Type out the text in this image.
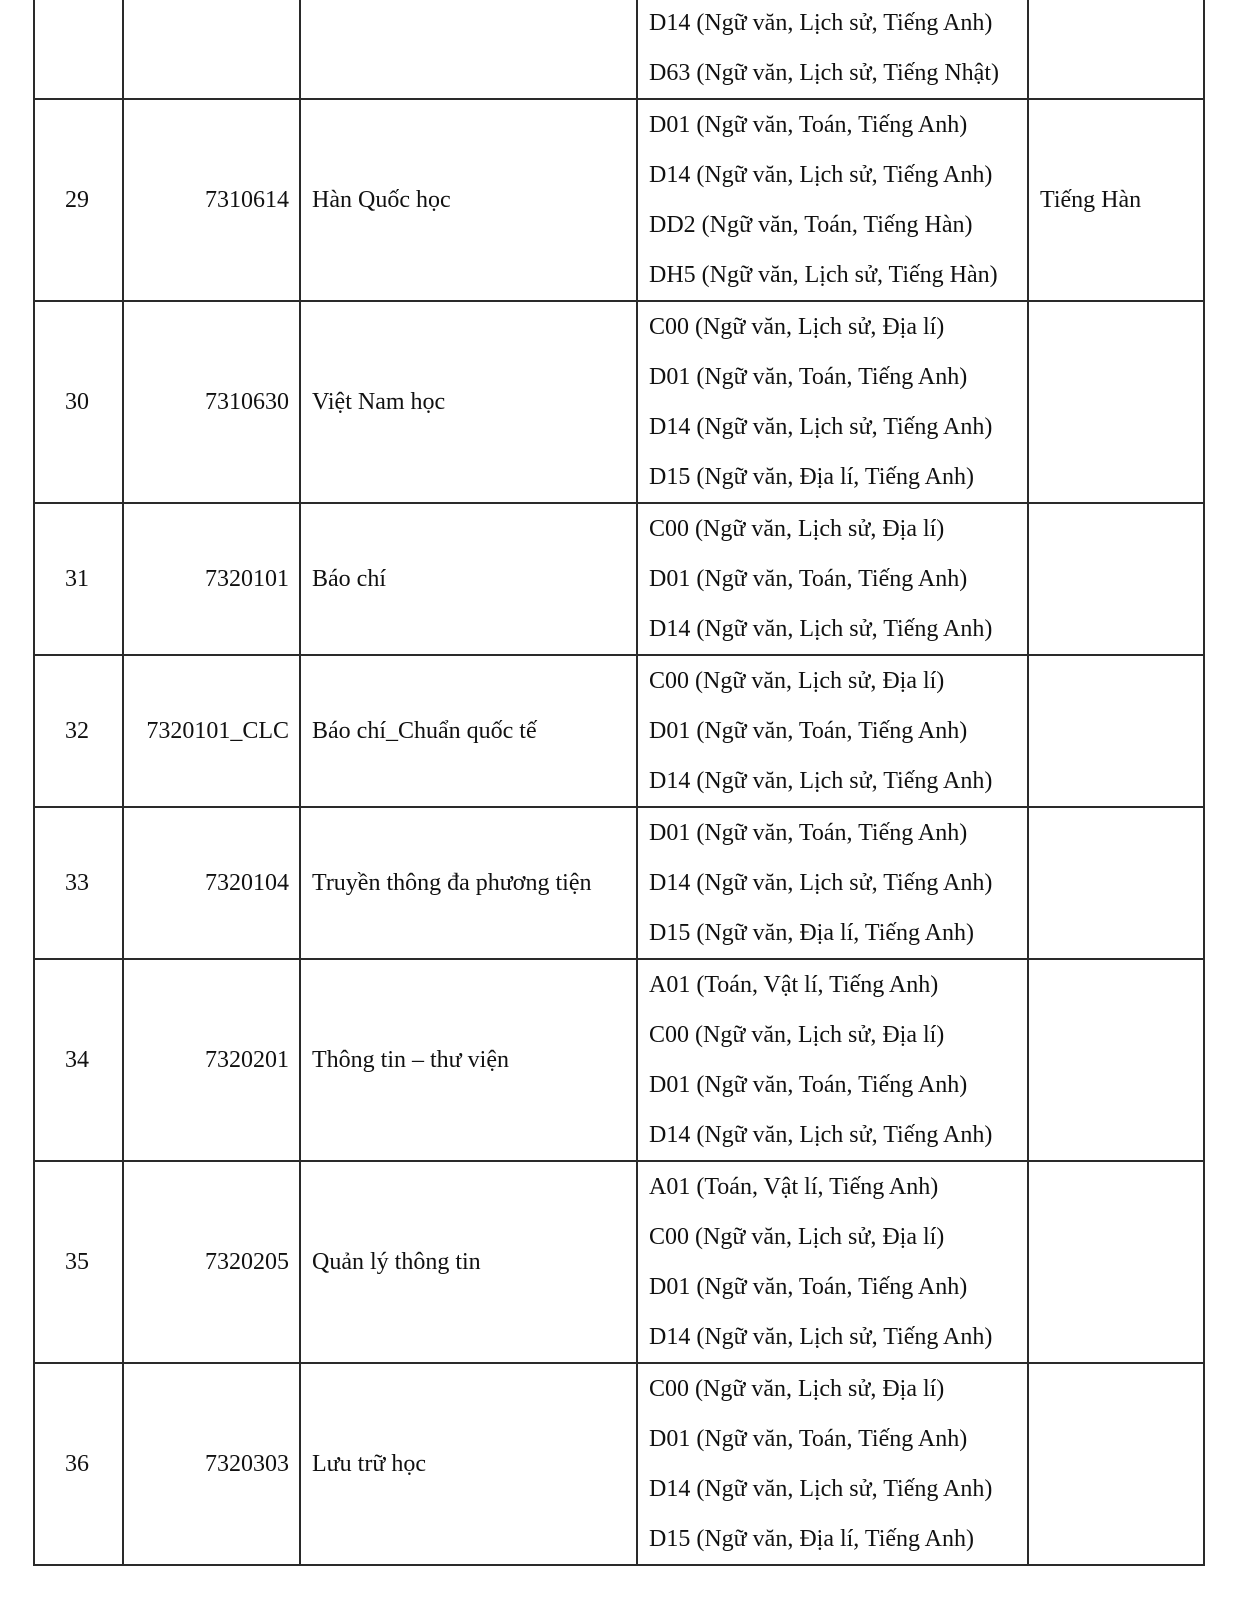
			D14 (Ngữ văn, Lịch sử, Tiếng Anh)
D63 (Ngữ văn, Lịch sử, Tiếng Nhật)	

29	7310614	Hàn Quốc học	D01 (Ngữ văn, Toán, Tiếng Anh)
D14 (Ngữ văn, Lịch sử, Tiếng Anh)
DD2 (Ngữ văn, Toán, Tiếng Hàn)
DH5 (Ngữ văn, Lịch sử, Tiếng Hàn)	Tiếng Hàn
30	7310630	Việt Nam học	C00 (Ngữ văn, Lịch sử, Địa lí)
D01 (Ngữ văn, Toán, Tiếng Anh)
D14 (Ngữ văn, Lịch sử, Tiếng Anh)
D15 (Ngữ văn, Địa lí, Tiếng Anh)	

31	7320101	Báo chí	C00 (Ngữ văn, Lịch sử, Địa lí)
D01 (Ngữ văn, Toán, Tiếng Anh)
D14 (Ngữ văn, Lịch sử, Tiếng Anh)	

32	7320101_CLC	Báo chí_Chuẩn quốc tế	C00 (Ngữ văn, Lịch sử, Địa lí)
D01 (Ngữ văn, Toán, Tiếng Anh)
D14 (Ngữ văn, Lịch sử, Tiếng Anh)	

33	7320104	Truyền thông đa phương tiện	D01 (Ngữ văn, Toán, Tiếng Anh)
D14 (Ngữ văn, Lịch sử, Tiếng Anh)
D15 (Ngữ văn, Địa lí, Tiếng Anh)	

34	7320201	Thông tin – thư viện	A01 (Toán, Vật lí, Tiếng Anh)
C00 (Ngữ văn, Lịch sử, Địa lí)
D01 (Ngữ văn, Toán, Tiếng Anh)
D14 (Ngữ văn, Lịch sử, Tiếng Anh)	

35	7320205	Quản lý thông tin	A01 (Toán, Vật lí, Tiếng Anh)
C00 (Ngữ văn, Lịch sử, Địa lí)
D01 (Ngữ văn, Toán, Tiếng Anh)
D14 (Ngữ văn, Lịch sử, Tiếng Anh)	

36	7320303	Lưu trữ học	C00 (Ngữ văn, Lịch sử, Địa lí)
D01 (Ngữ văn, Toán, Tiếng Anh)
D14 (Ngữ văn, Lịch sử, Tiếng Anh)
D15 (Ngữ văn, Địa lí, Tiếng Anh)	
